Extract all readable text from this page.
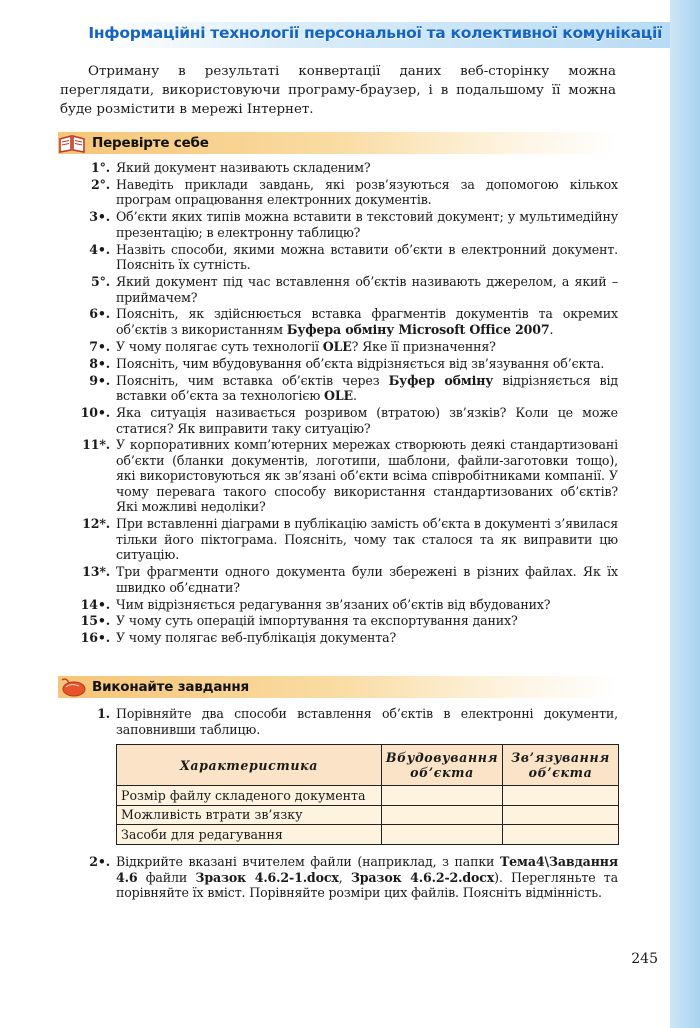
Інформаційні технології персональної та колективної комунікації

Отриману в результаті конвертації даних веб-сторінку можна переглядати, використовуючи програму-браузер, і в подальшому її можна буде розмістити в мережі Інтернет.

Перевірте себе
1°. Який документ називають складеним?
2°. Наведіть приклади завдань, які розв’язуються за допомогою кількох програм опрацювання електронних документів.
3•. Об’єкти яких типів можна вставити в текстовий документ; у мультимедійну презентацію; в електронну таблицю?
4•. Назвіть способи, якими можна вставити об’єкти в електронний документ. Поясніть їх сутність.
5°. Який документ під час вставлення об’єктів називають джерелом, а який – приймачем?
6•. Поясніть, як здійснюється вставка фрагментів документів та окремих об’єктів з використанням Буфера обміну Microsoft Office 2007.
7•. У чому полягає суть технології OLE? Яке її призначення?
8•. Поясніть, чим вбудовування об’єкта відрізняється від зв’язування об’єкта.
9•. Поясніть, чим вставка об’єктів через Буфер обміну відрізняється від вставки об’єкта за технологією OLE.
10•. Яка ситуація називається розривом (втратою) зв’язків? Коли це може статися? Як виправити таку ситуацію?
11*. У корпоративних комп’ютерних мережах створюють деякі стандартизовані об’єкти (бланки документів, логотипи, шаблони, файли-заготовки тощо), які використовуються як зв’язані об’єкти всіма співробітниками компанії. У чому перевага такого способу використання стандартизованих об’єктів? Які можливі недоліки?
12*. При вставленні діаграми в публікацію замість об’єкта в документі з’явилася тільки його піктограма. Поясніть, чому так сталося та як виправити цю ситуацію.
13*. Три фрагменти одного документа були збережені в різних файлах. Як їх швидко об’єднати?
14•. Чим відрізняється редагування зв’язаних об’єктів від вбудованих?
15•. У чому суть операцій імпортування та експортування даних?
16•. У чому полягає веб-публікація документа?
Виконайте завдання
1. Порівняйте два способи вставлення об’єктів в електронні документи, заповнивши таблицю.
Характеристика	Вбудовування об’єкта	Зв’язування об’єкта
Розмір файлу складеного документа		
Можливість втрати зв’язку		
Засоби для редагування		
2•. Відкрийте вказані вчителем файли (наприклад, з папки Тема4\Завдання 4.6 файли Зразок 4.6.2-1.docx, Зразок 4.6.2-2.docx). Перегляньте та порівняйте їх вміст. Порівняйте розміри цих файлів. Поясніть відмінність.
245
